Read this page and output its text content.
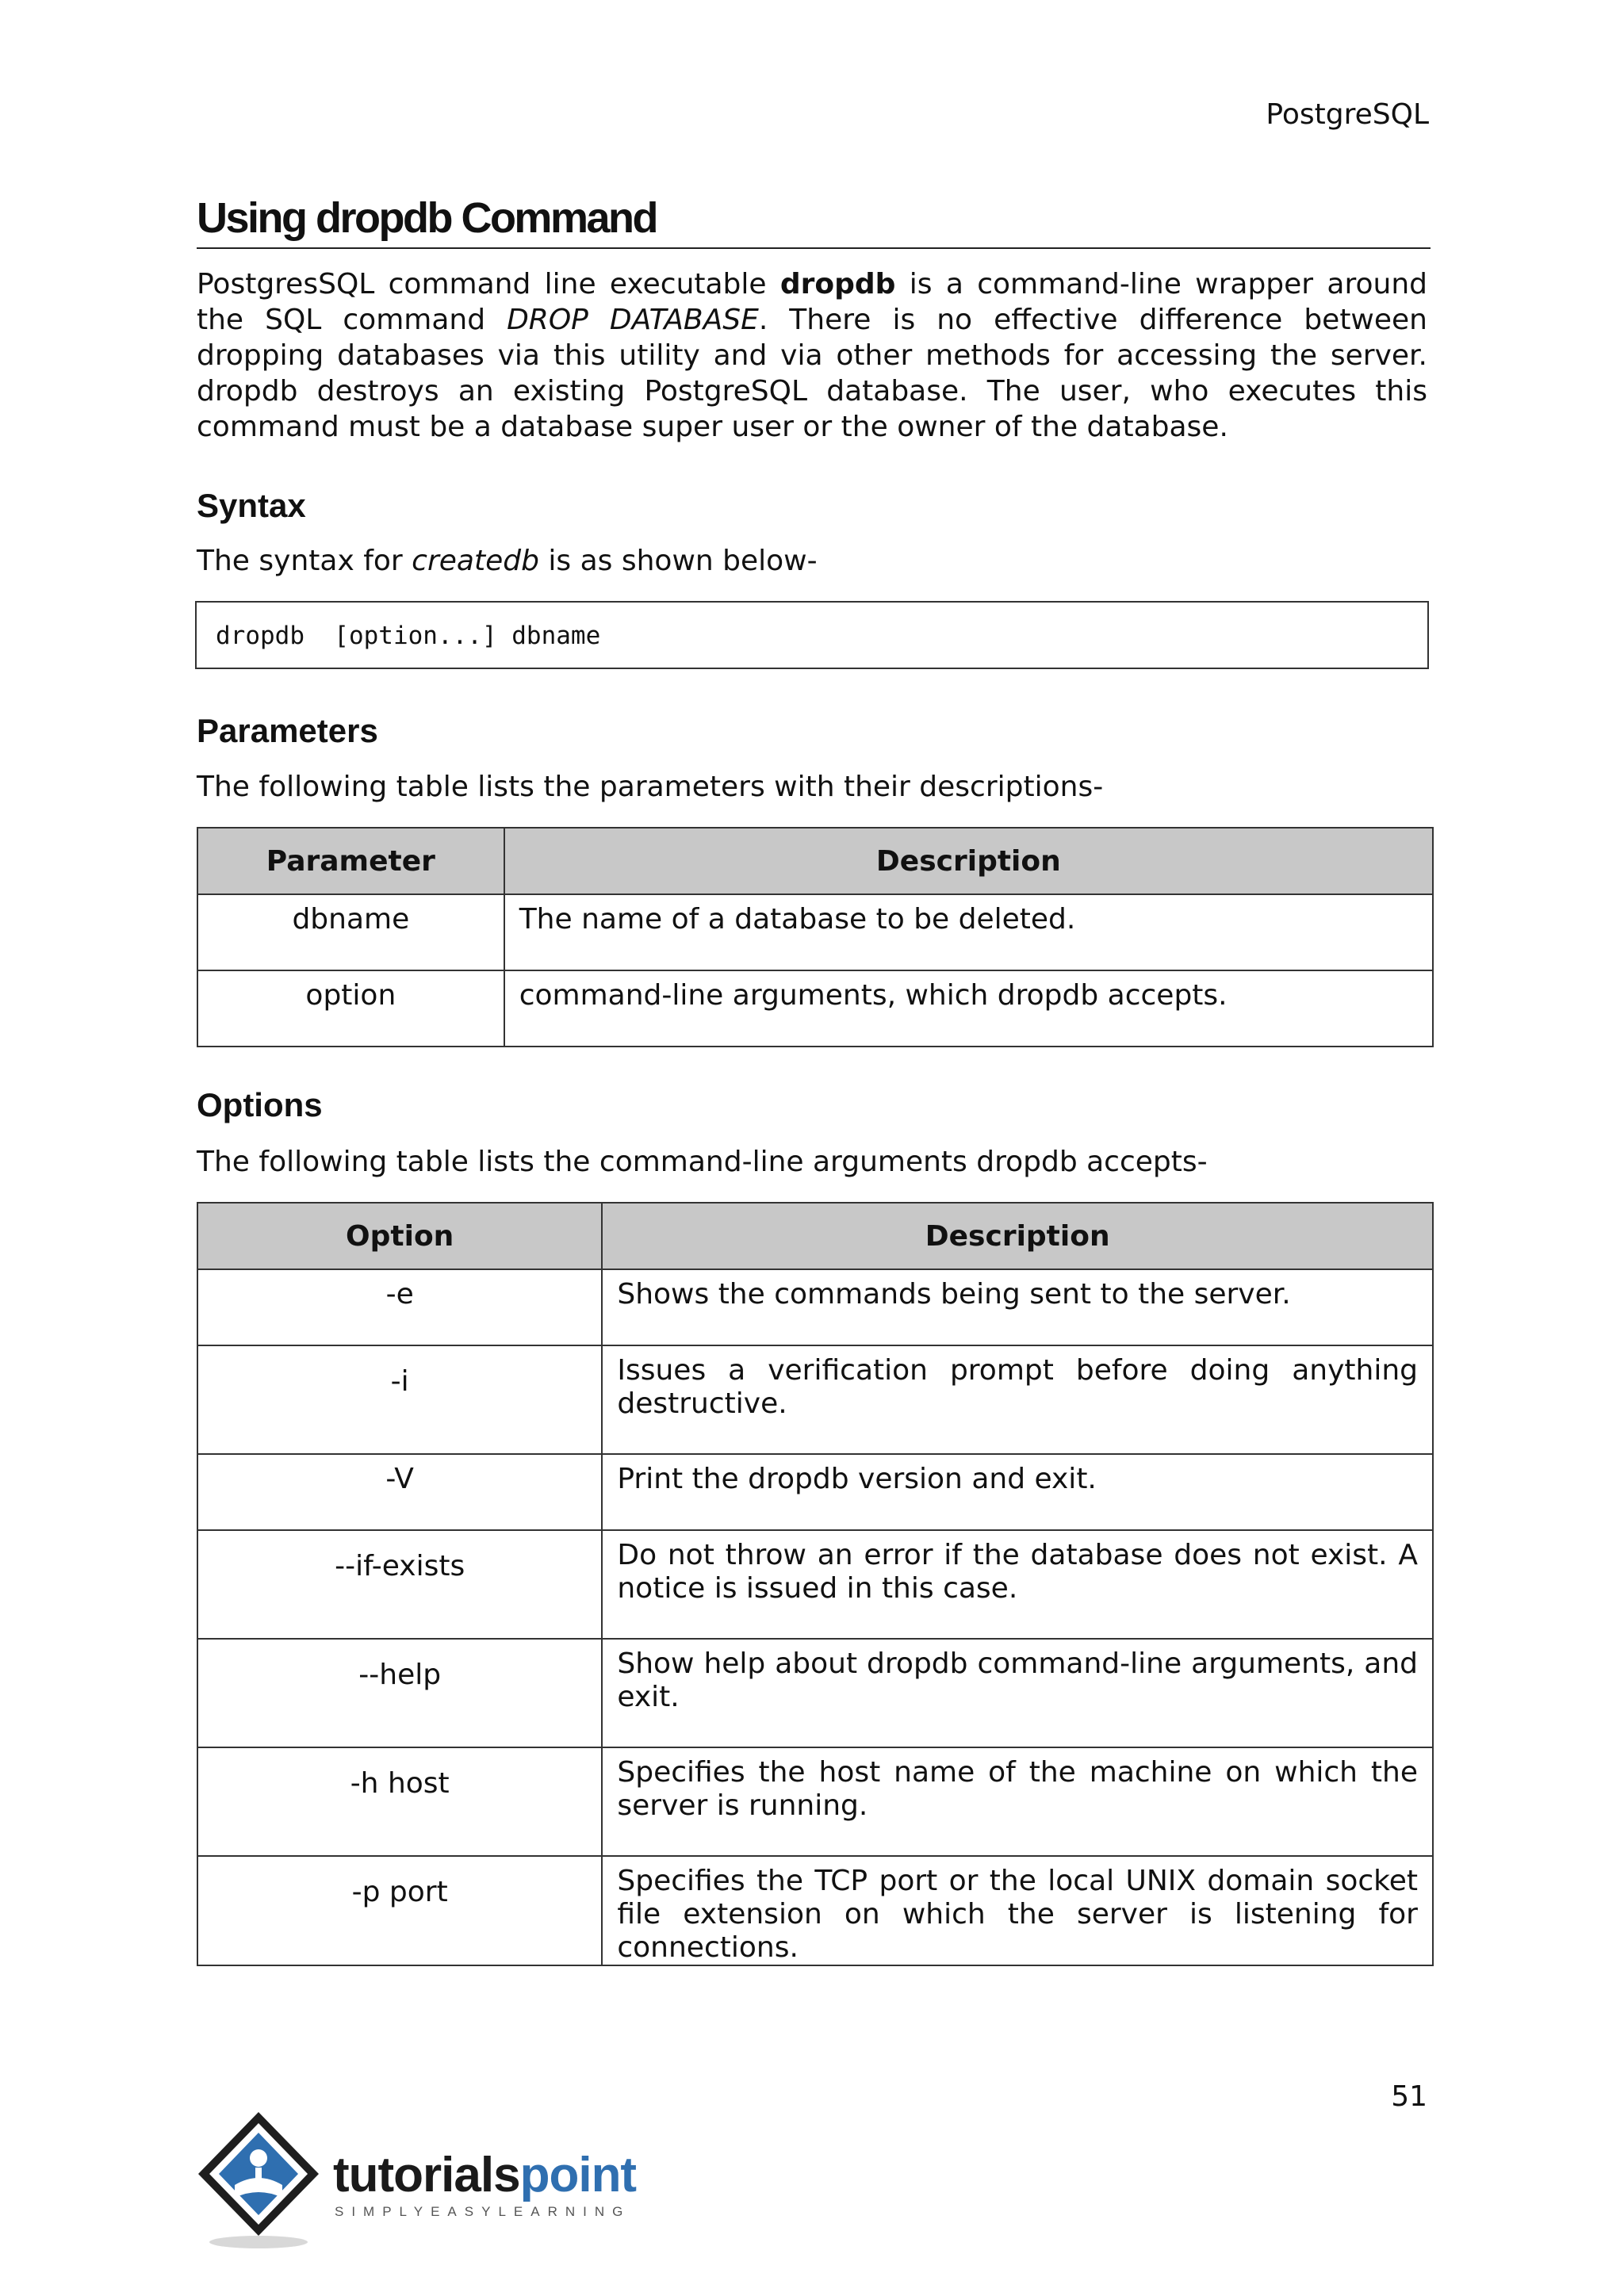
PostgreSQL
Using dropdb Command

PostgresSQL command line executable dropdb is a command-line wrapper around the SQL command DROP DATABASE. There is no effective difference between dropping databases via this utility and via other methods for accessing the server. dropdb destroys an existing PostgreSQL database. The user, who executes this command must be a database super user or the owner of the database.

Syntax

The syntax for createdb is as shown below-

dropdb  [option...] dbname
Parameters

The following table lists the parameters with their descriptions-

Parameter	Description
dbname	The name of a database to be deleted.
option	command-line arguments, which dropdb accepts.
Options

The following table lists the command-line arguments dropdb accepts-

Option	Description
-e	Shows the commands being sent to the server.
-i	Issues a verification prompt before doing anything destructive.
-V	Print the dropdb version and exit.
--if-exists	Do not throw an error if the database does not exist. A notice is issued in this case.
--help	Show help about dropdb command-line arguments, and exit.
-h host	Specifies the host name of the machine on which the server is running.
-p port	Specifies the TCP port or the local UNIX domain socket file extension on which the server is listening for connections.
51
tutorialspoint
SIMPLYEASYLEARNING
